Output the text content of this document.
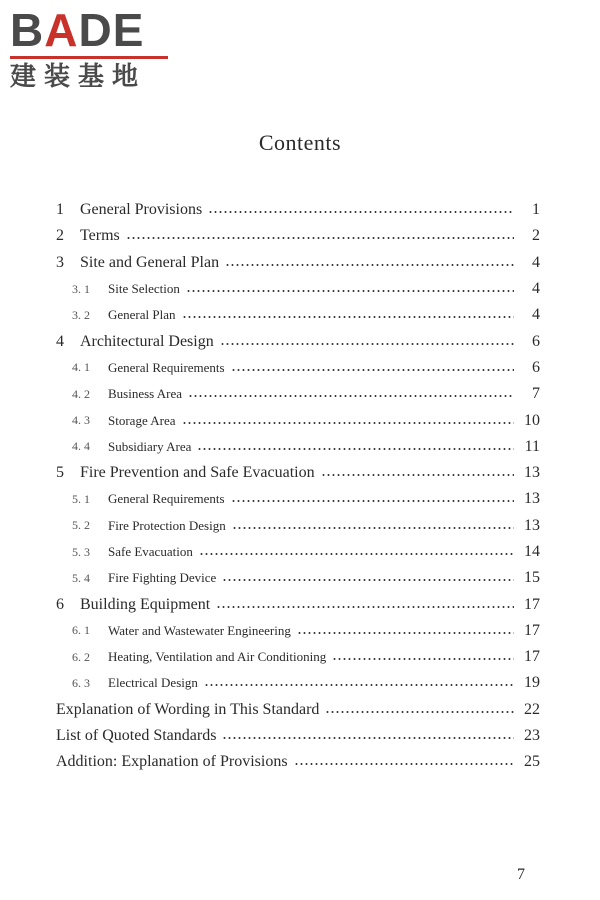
BADE
建装基地
Contents
1	General Provisions	1
2	Terms	2
3	Site and General Plan	4
3. 1	Site Selection	4
3. 2	General Plan	4
4	Architectural Design	6
4. 1	General Requirements	6
4. 2	Business Area	7
4. 3	Storage Area	10
4. 4	Subsidiary Area	11
5	Fire Prevention and Safe Evacuation	13
5. 1	General Requirements	13
5. 2	Fire Protection Design	13
5. 3	Safe Evacuation	14
5. 4	Fire Fighting Device	15
6	Building Equipment	17
6. 1	Water and Wastewater Engineering	17
6. 2	Heating, Ventilation and Air Conditioning	17
6. 3	Electrical Design	19
Explanation of Wording in This Standard	22
List of Quoted Standards	23
Addition: Explanation of Provisions	25
7
